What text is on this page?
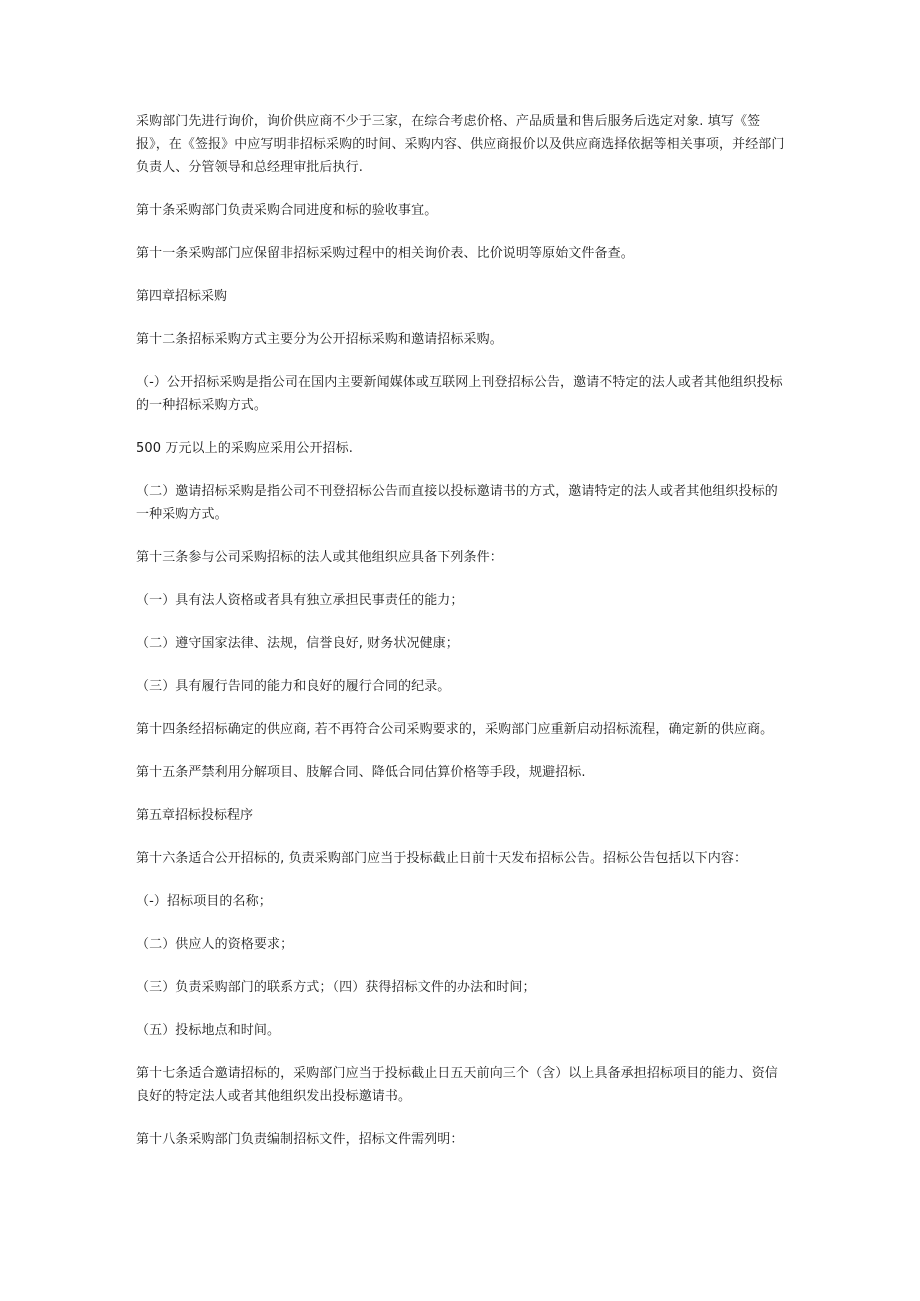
采购部门先进行询价，询价供应商不少于三家，在综合考虑价格、产品质量和售后服务后选定对象. 填写《签报》，在《签报》中应写明非招标采购的时间、采购内容、供应商报价以及供应商选择依据等相关事项，并经部门负责人、分管领导和总经理审批后执行.

第十条采购部门负责采购合同进度和标的验收事宜。

第十一条采购部门应保留非招标采购过程中的相关询价表、比价说明等原始文件备查。

第四章招标采购

第十二条招标采购方式主要分为公开招标采购和邀请招标采购。

（-）公开招标采购是指公司在国内主要新闻媒体或互联网上刊登招标公告，邀请不特定的法人或者其他组织投标的一种招标采购方式。

500 万元以上的采购应采用公开招标.

（二）邀请招标采购是指公司不刊登招标公告而直接以投标邀请书的方式，邀请特定的法人或者其他组织投标的一种采购方式。

第十三条参与公司采购招标的法人或其他组织应具备下列条件：

（一）具有法人资格或者具有独立承担民事责任的能力；

（二）遵守国家法律、法规，信誉良好, 财务状况健康；

（三）具有履行告同的能力和良好的履行合同的纪录。

第十四条经招标确定的供应商, 若不再符合公司采购要求的，采购部门应重新启动招标流程，确定新的供应商。

第十五条严禁利用分解项目、肢解合同、降低合同估算价格等手段，规避招标.

第五章招标投标程序

第十六条适合公开招标的, 负责采购部门应当于投标截止日前十天发布招标公告。招标公告包括以下内容：

（-）招标项目的名称；

（二）供应人的资格要求；

（三）负责采购部门的联系方式；（四）获得招标文件的办法和时间；

（五）投标地点和时间。

第十七条适合邀请招标的，采购部门应当于投标截止日五天前向三个（含）以上具备承担招标项目的能力、资信良好的特定法人或者其他组织发出投标邀请书。

第十八条采购部门负责编制招标文件，招标文件需列明：
